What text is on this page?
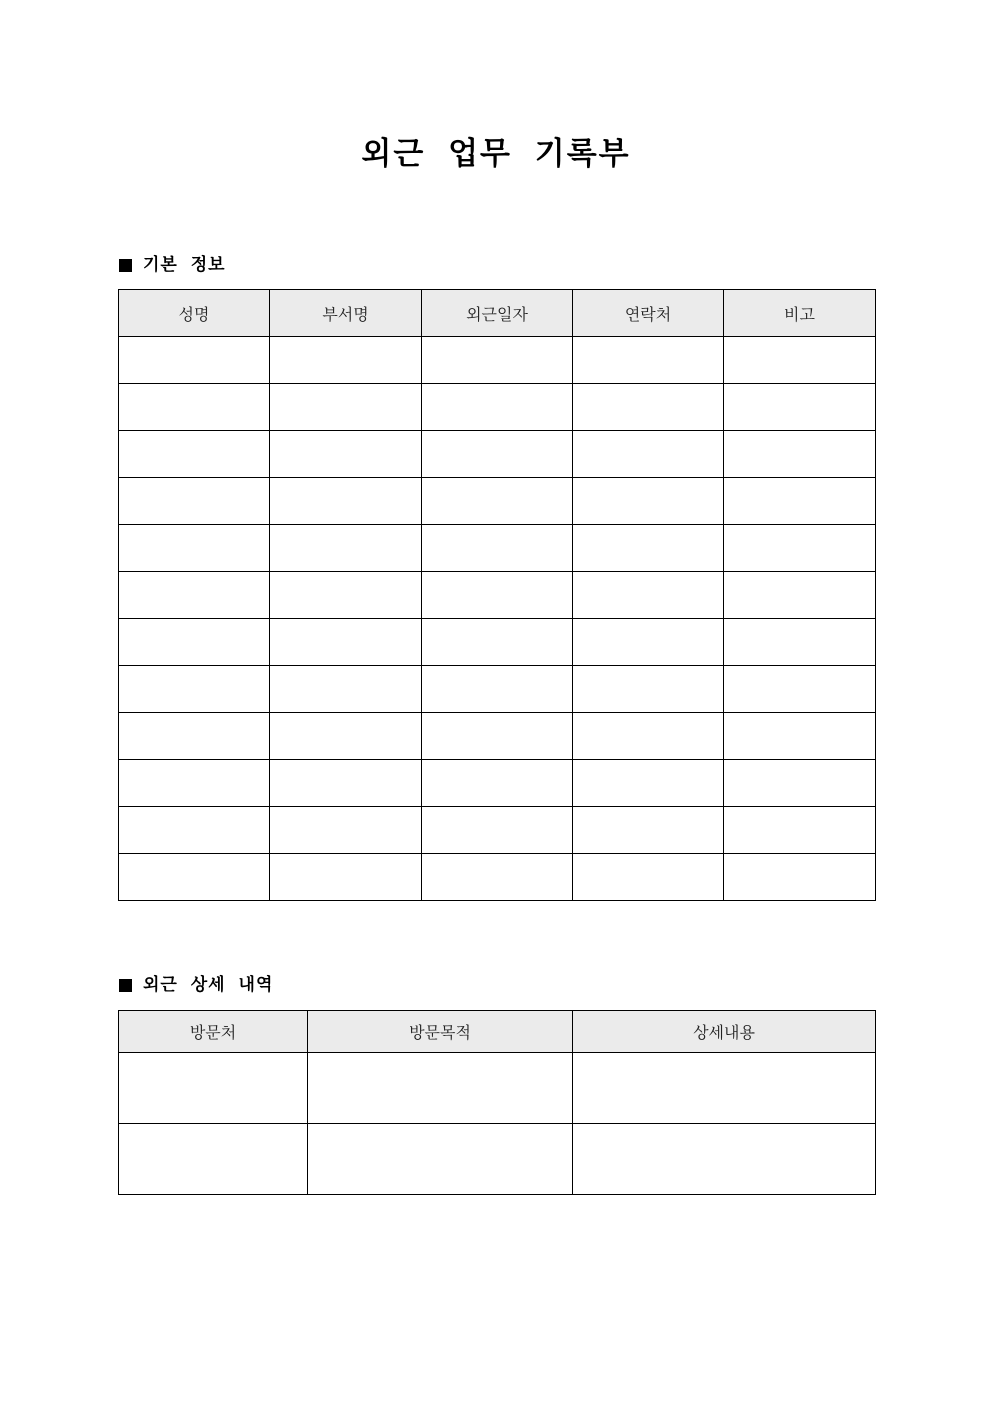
외근 업무 기록부
기본 정보
성명	부서명	외근일자	연락처	비고

외근 상세 내역
방문처	방문목적	상세내용
